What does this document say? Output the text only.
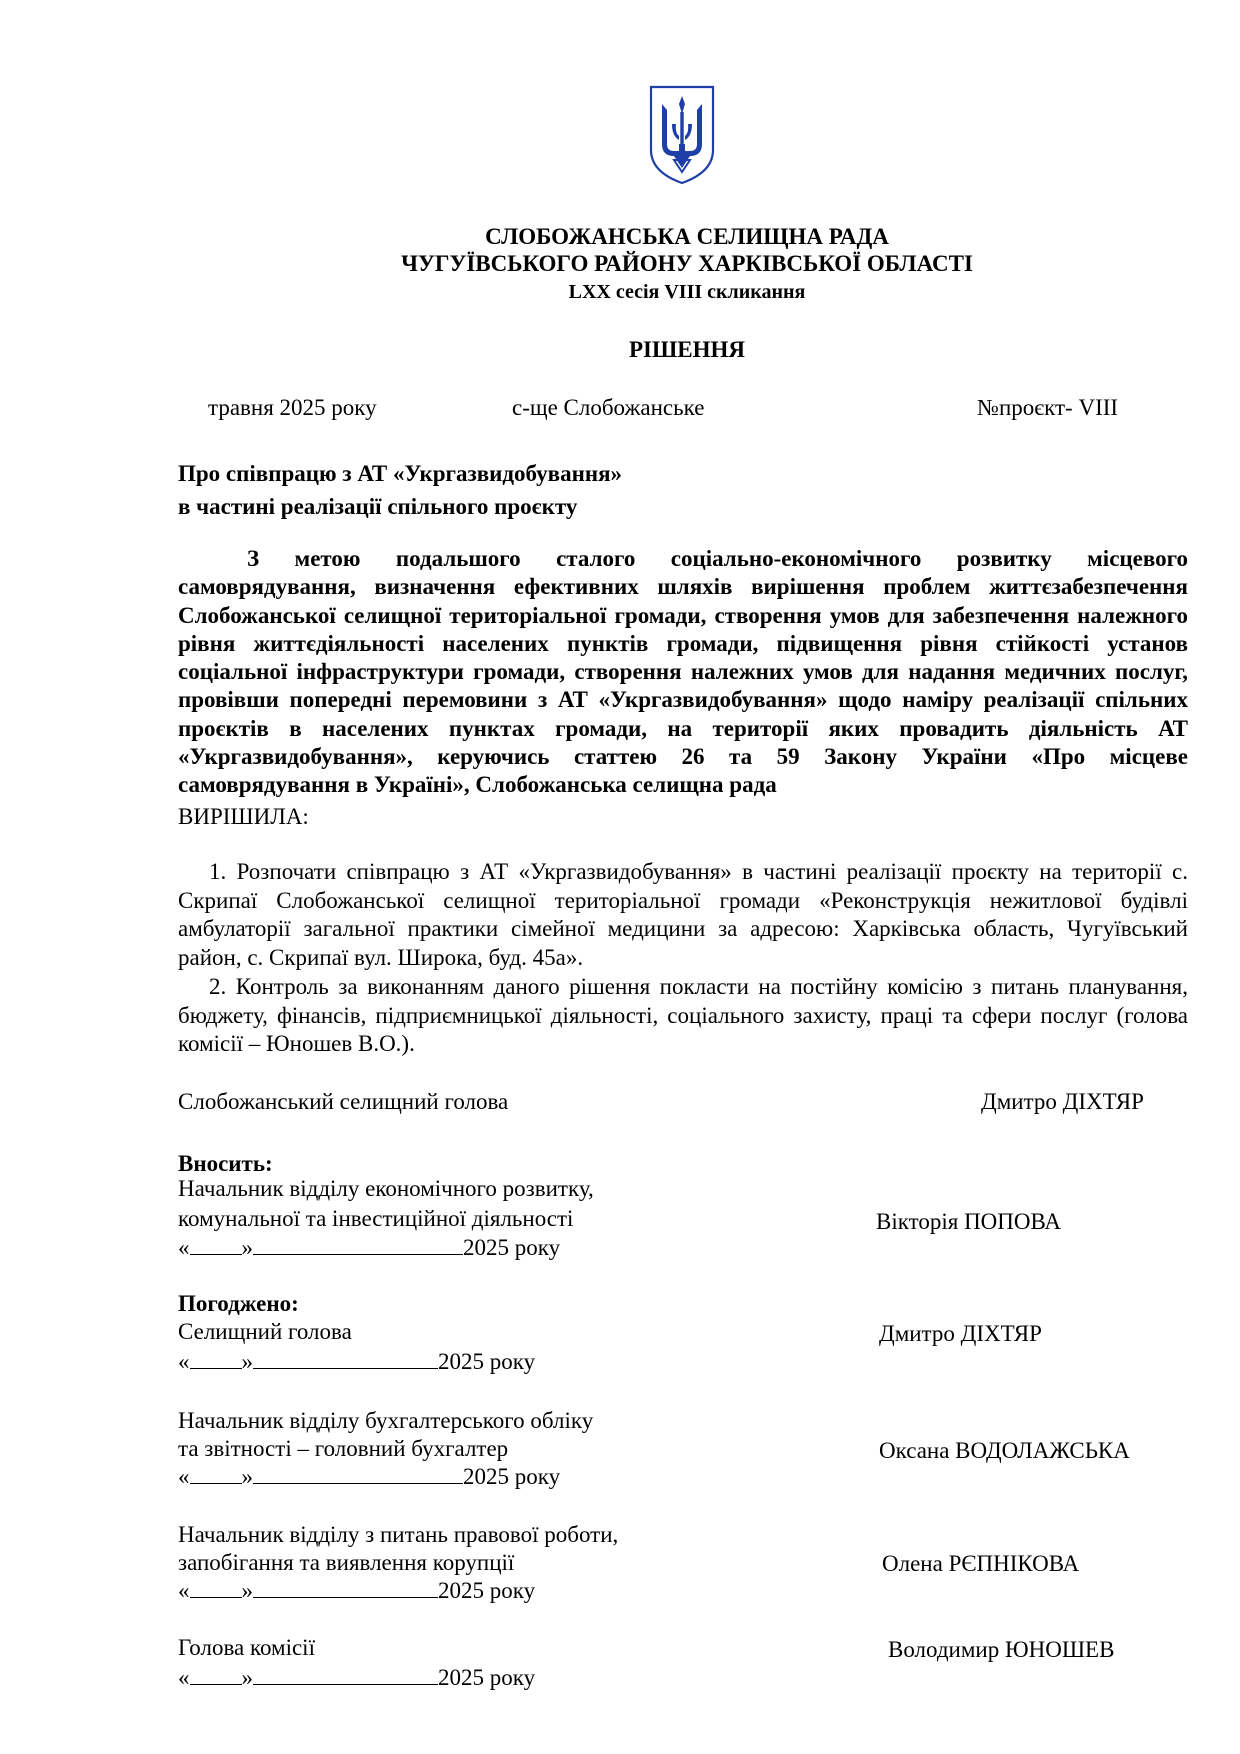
СЛОБОЖАНСЬКА СЕЛИЩНА РАДА
ЧУГУЇВСЬКОГО РАЙОНУ ХАРКІВСЬКОЇ ОБЛАСТІ
LXX сесія VIII скликання
РІШЕННЯ
травня 2025 року	с-ще Слобожанське	№проєкт- VIII
Про співпрацю з АТ «Укргазвидобування»
в частині реалізації спільного проєкту
З метою подальшого сталого соціально-економічного розвитку місцевого самоврядування, визначення ефективних шляхів вирішення проблем життєзабезпечення Слобожанської селищної територіальної громади, створення умов для забезпечення належного рівня життєдіяльності населених пунктів громади, підвищення рівня стійкості установ соціальної інфраструктури громади, створення належних умов для надання медичних послуг, провівши попередні перемовини з АТ «Укргазвидобування» щодо наміру реалізації спільних проєктів в населених пунктах громади, на території яких провадить діяльність АТ «Укргазвидобування», керуючись статтею 26 та 59 Закону України «Про місцеве самоврядування в Україні», Слобожанська селищна рада
ВИРІШИЛА:
1. Розпочати співпрацю з АТ «Укргазвидобування» в частині реалізації проєкту на території с. Скрипаї Слобожанської селищної територіальної громади «Реконструкція нежитлової будівлі амбулаторії загальної практики сімейної медицини за адресою: Харківська область, Чугуївський район, с. Скрипаї вул. Широка, буд. 45а».
2. Контроль за виконанням даного рішення покласти на постійну комісію з питань планування, бюджету, фінансів, підприємницької діяльності, соціального захисту, праці та сфери послуг (голова комісії – Юношев В.О.).
Слобожанський селищний голова	Дмитро ДІХТЯР
Вносить:
Начальник відділу економічного розвитку,
комунальної та інвестиційної діяльності	Вікторія ПОПОВА
« »	2025 року
Погоджено:
Селищний голова	Дмитро ДІХТЯР
« »	2025 року
Начальник відділу бухгалтерського обліку
та звітності – головний бухгалтер	Оксана ВОДОЛАЖСЬКА
« »	2025 року
Начальник відділу з питань правової роботи,
запобігання та виявлення корупції	Олена РЄПНІКОВА
« »	2025 року
Голова комісії	Володимир ЮНОШЕВ
« »	2025 року
